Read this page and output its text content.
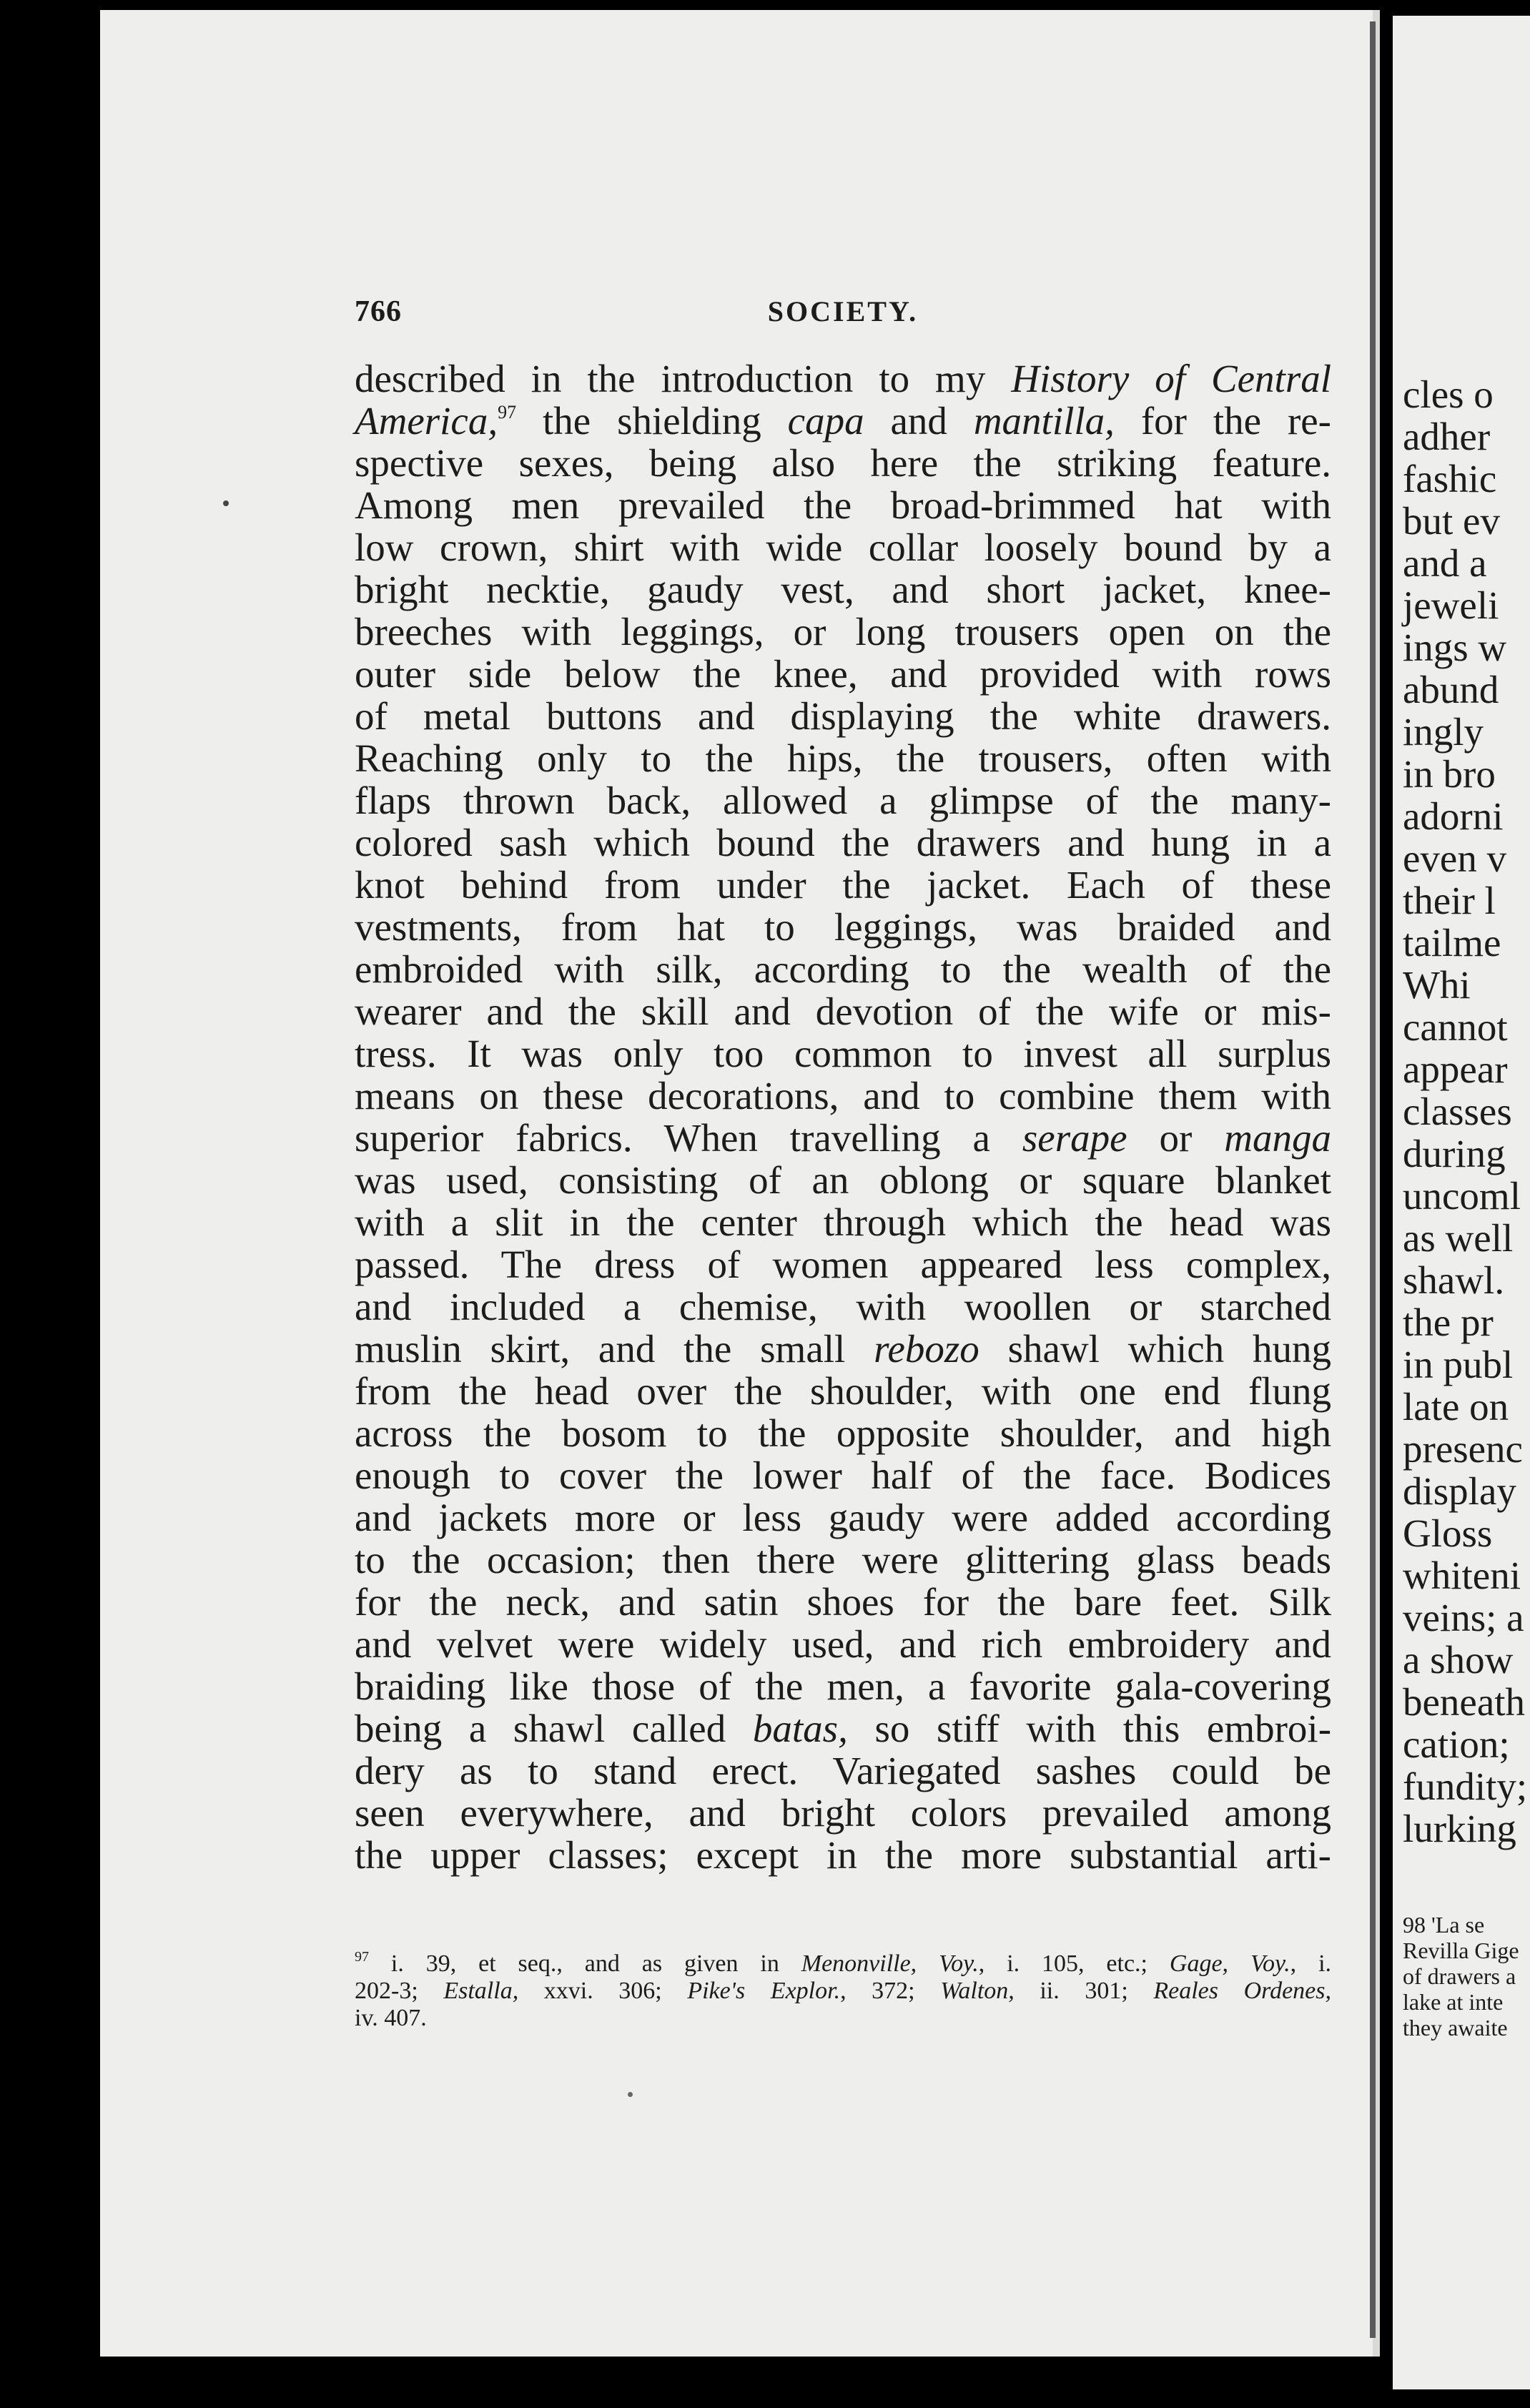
cles o
adher
fashic
but ev
and a
jeweli
ings w
abund
ingly
in bro
adorni
even v
their l
tailme
Whi
cannot
appear
classes
during
uncoml
as well
shawl.
the pr
in publ
late on
presenc
display
Gloss
whiteni
veins; a
a show
beneath
cation;
fundity;
lurking
98 'La se
Revilla Gige
of drawers a
lake at inte
they awaite
766	SOCIETY.
described in the introduction to my History of Central
America,$^{97}$ the shielding capa and mantilla, for the re-
spective sexes, being also here the striking feature.
Among men prevailed the broad-brimmed hat with
low crown, shirt with wide collar loosely bound by a
bright necktie, gaudy vest, and short jacket, knee-
breeches with leggings, or long trousers open on the
outer side below the knee, and provided with rows
of metal buttons and displaying the white drawers.
Reaching only to the hips, the trousers, often with
flaps thrown back, allowed a glimpse of the many-
colored sash which bound the drawers and hung in a
knot behind from under the jacket. Each of these
vestments, from hat to leggings, was braided and
embroided with silk, according to the wealth of the
wearer and the skill and devotion of the wife or mis-
tress. It was only too common to invest all surplus
means on these decorations, and to combine them with
superior fabrics. When travelling a serape or manga
was used, consisting of an oblong or square blanket
with a slit in the center through which the head was
passed. The dress of women appeared less complex,
and included a chemise, with woollen or starched
muslin skirt, and the small rebozo shawl which hung
from the head over the shoulder, with one end flung
across the bosom to the opposite shoulder, and high
enough to cover the lower half of the face. Bodices
and jackets more or less gaudy were added according
to the occasion; then there were glittering glass beads
for the neck, and satin shoes for the bare feet. Silk
and velvet were widely used, and rich embroidery and
braiding like those of the men, a favorite gala-covering
being a shawl called batas, so stiff with this embroi-
dery as to stand erect. Variegated sashes could be
seen everywhere, and bright colors prevailed among
the upper classes; except in the more substantial arti-
$^{97}$ i. 39, et seq., and as given in Menonville, Voy., i. 105, etc.; Gage, Voy., i.
202-3; Estalla, xxvi. 306; Pike's Explor., 372; Walton, ii. 301; Reales Ordenes,
iv. 407.
